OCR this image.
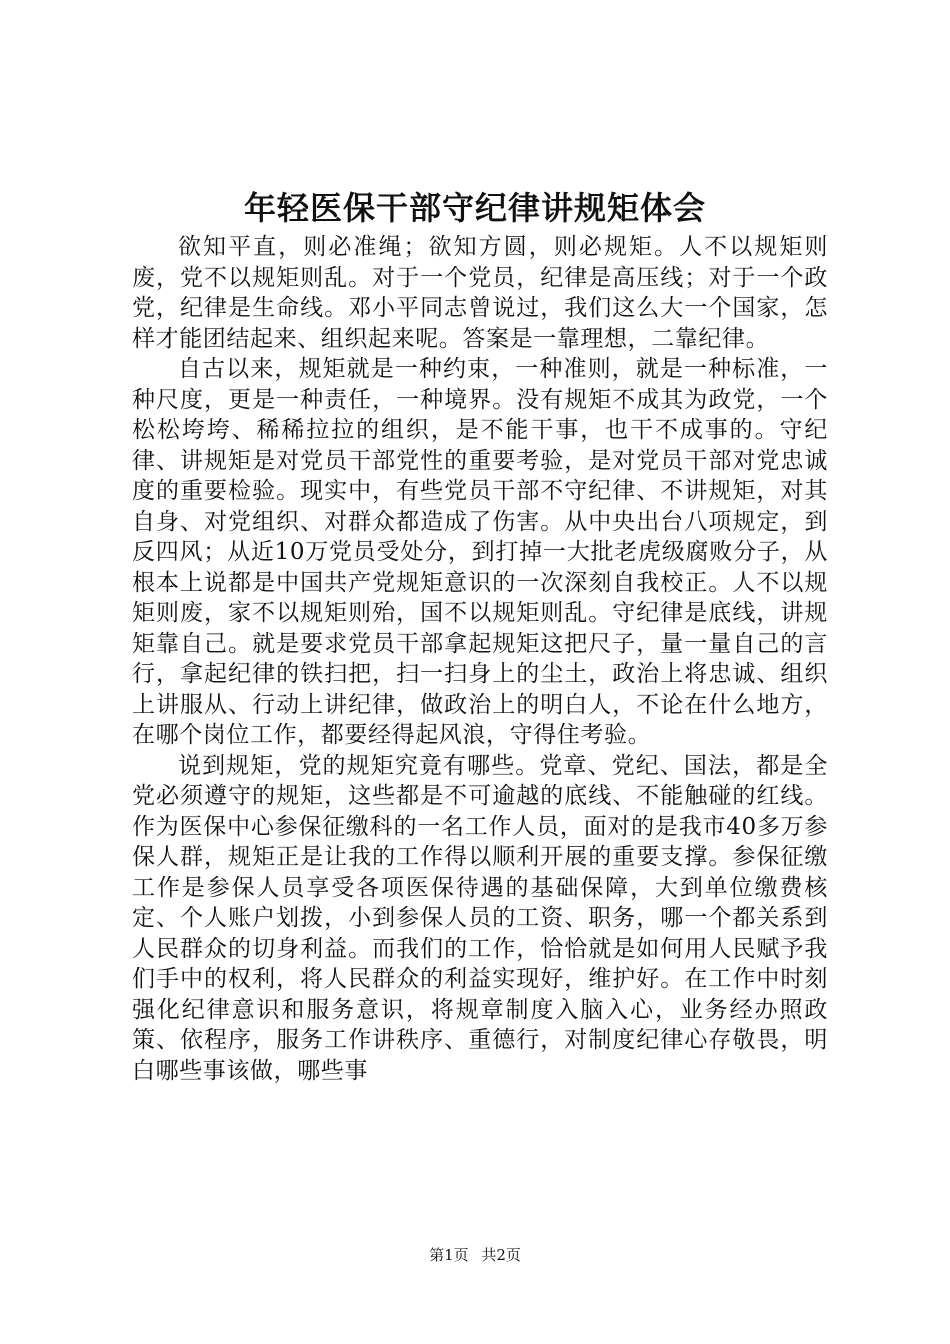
年轻医保干部守纪律讲规矩体会

欲知平直，则必准绳；欲知方圆，则必规矩。人不以规矩则废，党不以规矩则乱。对于一个党员，纪律是高压线；对于一个政党，纪律是生命线。邓小平同志曾说过，我们这么大一个国家，怎样才能团结起来、组织起来呢。答案是一靠理想，二靠纪律。

自古以来，规矩就是一种约束，一种准则，就是一种标准，一种尺度，更是一种责任，一种境界。没有规矩不成其为政党，一个松松垮垮、稀稀拉拉的组织，是不能干事，也干不成事的。守纪律、讲规矩是对党员干部党性的重要考验，是对党员干部对党忠诚度的重要检验。现实中，有些党员干部不守纪律、不讲规矩，对其自身、对党组织、对群众都造成了伤害。从中央出台八项规定，到反四风；从近10万党员受处分，到打掉一大批老虎级腐败分子，从根本上说都是中国共产党规矩意识的一次深刻自我校正。人不以规矩则废，家不以规矩则殆，国不以规矩则乱。守纪律是底线，讲规矩靠自己。就是要求党员干部拿起规矩这把尺子，量一量自己的言行，拿起纪律的铁扫把，扫一扫身上的尘土，政治上将忠诚、组织上讲服从、行动上讲纪律，做政治上的明白人，不论在什么地方，在哪个岗位工作，都要经得起风浪，守得住考验。

说到规矩，党的规矩究竟有哪些。党章、党纪、国法，都是全党必须遵守的规矩，这些都是不可逾越的底线、不能触碰的红线。作为医保中心参保征缴科的一名工作人员，面对的是我市40多万参保人群，规矩正是让我的工作得以顺利开展的重要支撑。参保征缴工作是参保人员享受各项医保待遇的基础保障，大到单位缴费核定、个人账户划拨，小到参保人员的工资、职务，哪一个都关系到人民群众的切身利益。而我们的工作，恰恰就是如何用人民赋予我们手中的权利，将人民群众的利益实现好，维护好。在工作中时刻强化纪律意识和服务意识，将规章制度入脑入心，业务经办照政策、依程序，服务工作讲秩序、重德行，对制度纪律心存敬畏，明白哪些事该做，哪些事

第1页 共2页
